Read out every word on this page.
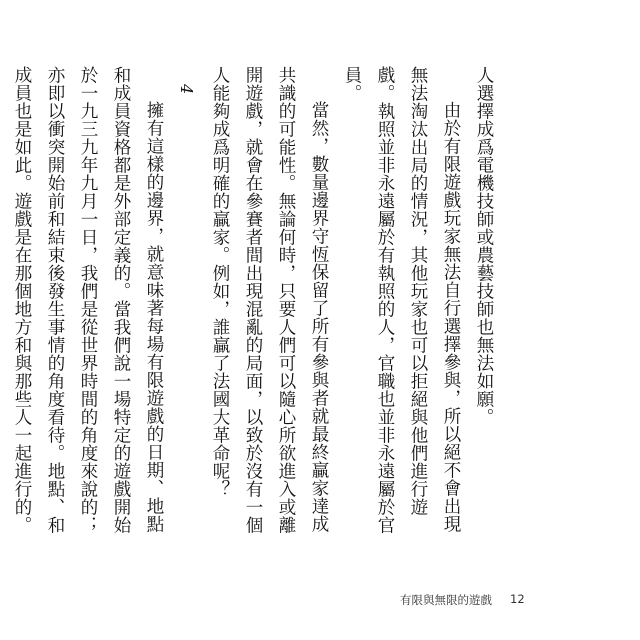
人選擇成爲電機技師或農藝技師也無法如願。

由於有限遊戲玩家無法自行選擇參與，所以絕不會出現無法淘汰出局的情況，其他玩家也可以拒絕與他們進行遊戲。執照並非永遠屬於有執照的人，官職也並非永遠屬於官員。

當然，數量邊界守恆保留了所有參與者就最終贏家達成共識的可能性。無論何時，只要人們可以隨心所欲進入或離開遊戲，就會在參賽者間出現混亂的局面，以致於沒有一個人能夠成爲明確的贏家。例如，誰贏了法國大革命呢？

4

擁有這樣的邊界，就意味著每場有限遊戲的日期、地點和成員資格都是外部定義的。當我們說一場特定的遊戲開始於一九三九年九月一日，我們是從世界時間的角度來說的；亦即以衝突開始前和結束後發生事情的角度看待。地點、和成員也是如此。遊戲是在那個地方和與那些人一起進行的。

有限與無限的遊戲 12
